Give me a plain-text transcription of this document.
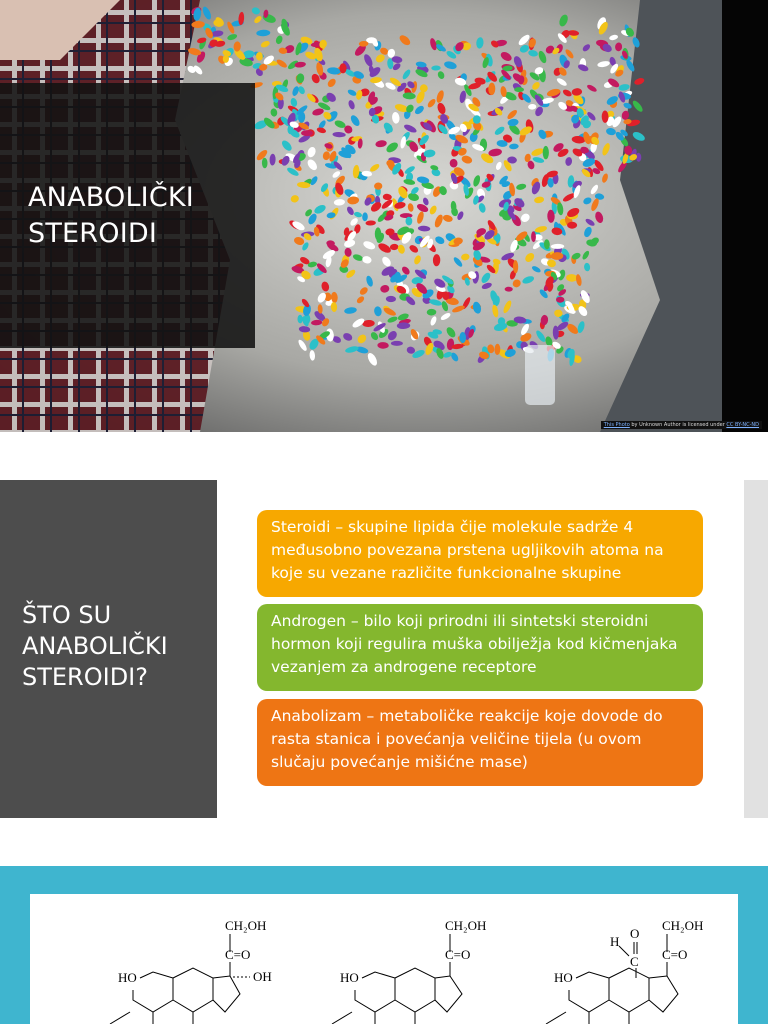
ANABOLIČKI
STEROIDI
This Photo by Unknown Author is licensed under CC BY-NC-ND
ŠTO SU
ANABOLIČKI
STEROIDI?
Steroidi – skupine lipida čije molekule sadrže 4 međusobno povezana prstena ugljikovih atoma na koje su vezane različite funkcionalne skupine
Androgen – bilo koji prirodni ili sintetski steroidni hormon koji regulira muška obilježja kod kičmenjaka vezanjem za androgene receptore
Anabolizam – metaboličke reakcije koje dovode do rasta stanica i povećanja veličine tijela (u ovom slučaju povećanje mišićne mase)
CH₂OH
C=O
OH
HO
CH₂OH
C=O
HO
CH₂OH
C=O
O
C
H
HO
